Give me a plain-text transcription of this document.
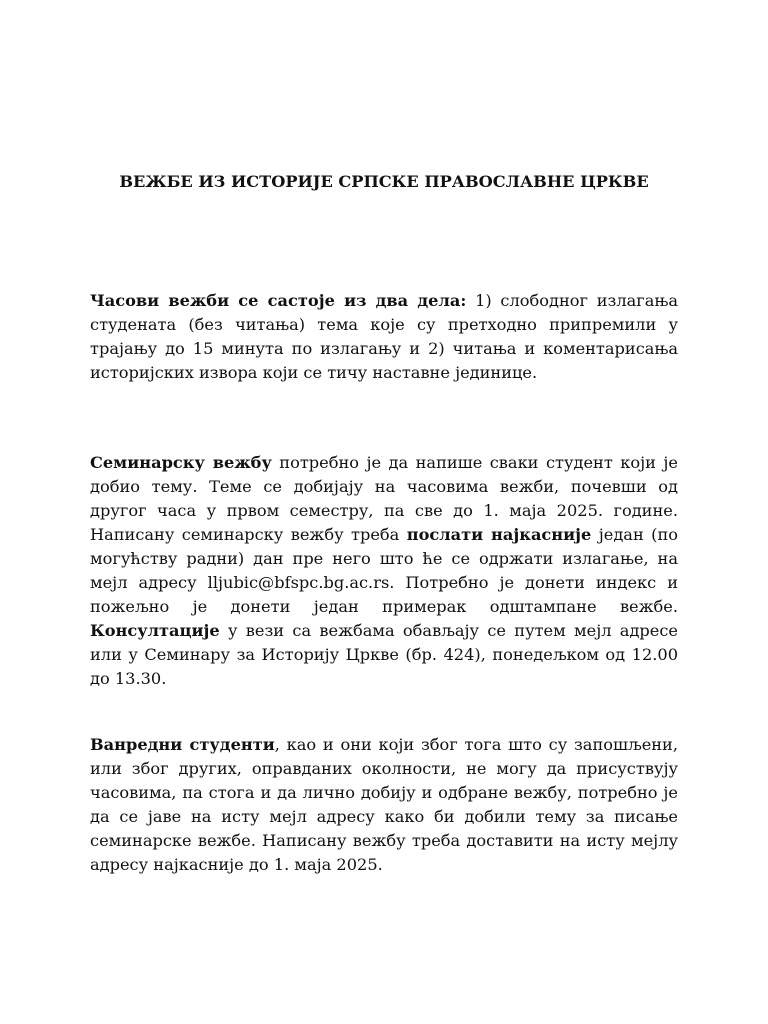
ВЕЖБЕ ИЗ ИСТОРИЈЕ СРПСКЕ ПРАВОСЛАВНЕ ЦРКВЕ

Часови вежби се састоје из два дела: 1) слободног излагања студената (без читања) тема које су претходно припремили у трајању до 15 минута по излагању и 2) читања и коментарисања историјских извора који се тичу наставне јединице.

Семинарску вежбу потребно је да напише сваки студент који је добио тему. Теме се добијају на часовима вежби, почевши од другог часа у првом семестру, па све до 1. маја 2025. године. Написану семинарску вежбу треба послати најкасније један (по могућству радни) дан пре него што ће се одржати излагање, на мејл адресу lljubic@bfspc.bg.ac.rs. Потребно је донети индекс и пожељно је донети један примерак одштампане вежбе. Консултације у вези са вежбама обављају се путем мејл адресе или у Семинару за Историју Цркве (бр. 424), понедељком од 12.00 до 13.30.

Ванредни студенти, као и они који због тога што су запошљени, или због других, оправданих околности, не могу да присуствују часовима, па стога и да лично добију и одбране вежбу, потребно је да се јаве на исту мејл адресу како би добили тему за писање семинарске вежбе. Написану вежбу треба доставити на исту мејлу адресу најкасније до 1. маја 2025.
